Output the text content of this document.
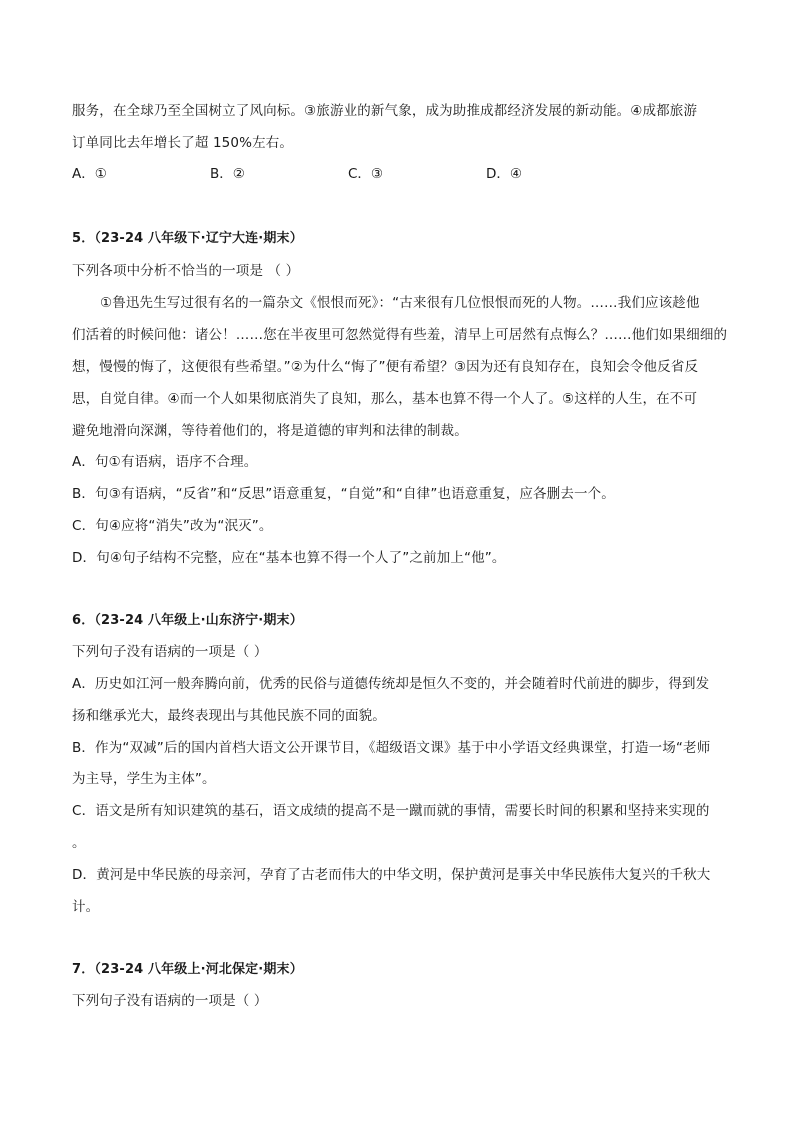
服务，在全球乃至全国树立了风向标。③旅游业的新气象，成为助推成都经济发展的新动能。④成都旅游
订单同比去年增长了超 150%左右。
A．①	B．②	C．③	D．④
5．（23-24 八年级下·辽宁大连·期末）
下列各项中分析不恰当的一项是 （ ）
①鲁迅先生写过很有名的一篇杂文《恨恨而死》：“古来很有几位恨恨而死的人物。……我们应该趁他
们活着的时候问他：诸公！……您在半夜里可忽然觉得有些羞，清早上可居然有点悔么？……他们如果细细的
想，慢慢的悔了，这便很有些希望。”②为什么“悔了”便有希望？③因为还有良知存在，良知会令他反省反
思，自觉自律。④而一个人如果彻底消失了良知，那么，基本也算不得一个人了。⑤这样的人生，在不可
避免地滑向深渊，等待着他们的，将是道德的审判和法律的制裁。
A．句①有语病，语序不合理。
B．句③有语病，“反省”和“反思”语意重复，“自觉”和“自律”也语意重复，应各删去一个。
C．句④应将“消失”改为“泯灭”。
D．句④句子结构不完整，应在“基本也算不得一个人了”之前加上“他”。
6．（23-24 八年级上·山东济宁·期末）
下列句子没有语病的一项是（ ）
A．历史如江河一般奔腾向前，优秀的民俗与道德传统却是恒久不变的，并会随着时代前进的脚步，得到发
扬和继承光大，最终表现出与其他民族不同的面貌。
B．作为“双减”后的国内首档大语文公开课节目，《超级语文课》基于中小学语文经典课堂，打造一场“老师
为主导，学生为主体”。
C．语文是所有知识建筑的基石，语文成绩的提高不是一蹴而就的事情，需要长时间的积累和坚持来实现的
。
D．黄河是中华民族的母亲河，孕育了古老而伟大的中华文明，保护黄河是事关中华民族伟大复兴的千秋大
计。
7．（23-24 八年级上·河北保定·期末）
下列句子没有语病的一项是（ ）
